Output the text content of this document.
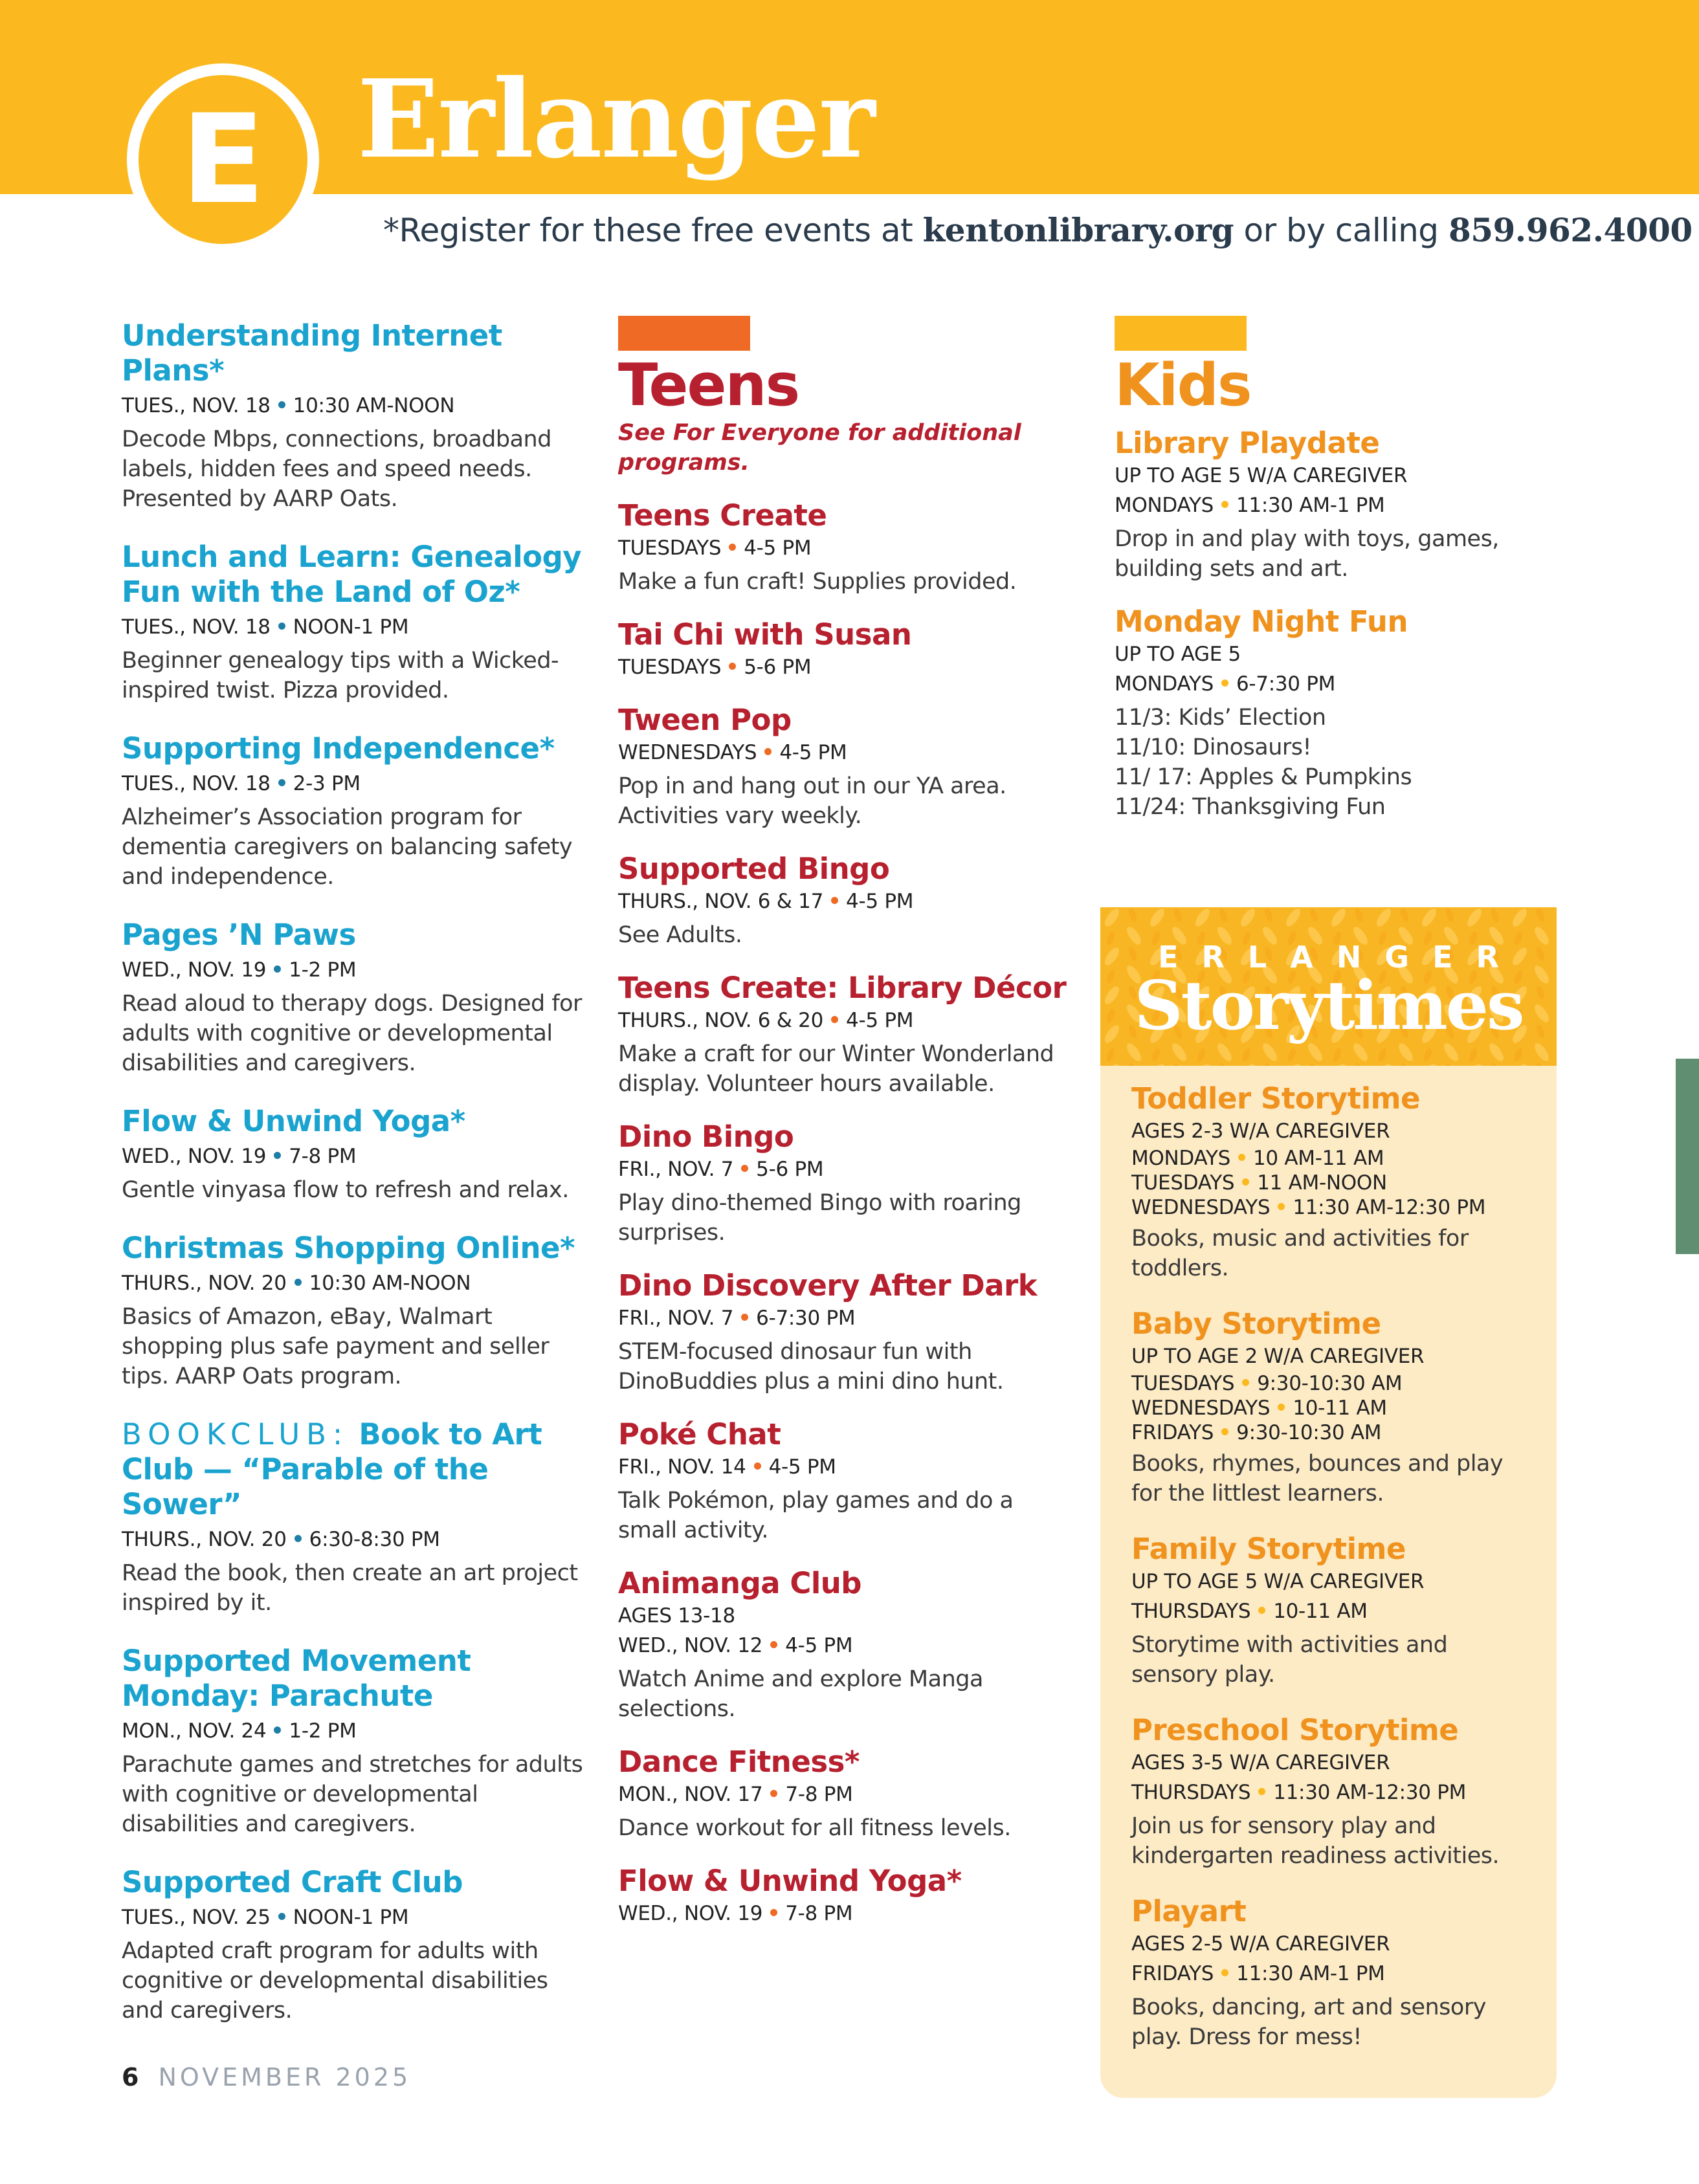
E Erlanger
*Register for these free events at kentonlibrary.org or by calling 859.962.4000

Understanding Internet Plans*

TUES., NOV. 18 10:30 AM-NOON

Decode Mbps, connections, broadband labels, hidden fees and speed needs. Presented by AARP Oats.

Lunch and Learn: Genealogy Fun with the Land of Oz*

TUES., NOV. 18 NOON-1 PM

Beginner genealogy tips with a Wicked-inspired twist. Pizza provided.

Supporting Independence*

TUES., NOV. 18 2-3 PM

Alzheimer’s Association program for dementia caregivers on balancing safety and independence.

Pages ’N Paws

WED., NOV. 19 1-2 PM

Read aloud to therapy dogs. Designed for adults with cognitive or developmental disabilities and caregivers.

Flow & Unwind Yoga*

WED., NOV. 19 7-8 PM

Gentle vinyasa flow to refresh and relax.

Christmas Shopping Online*

THURS., NOV. 20 10:30 AM-NOON

Basics of Amazon, eBay, Walmart shopping plus safe payment and seller tips. AARP Oats program.

BOOKCLUB: Book to Art Club — “Parable of the Sower”

THURS., NOV. 20 6:30-8:30 PM

Read the book, then create an art project inspired by it.

Supported Movement Monday: Parachute

MON., NOV. 24 1-2 PM

Parachute games and stretches for adults with cognitive or developmental disabilities and caregivers.

Supported Craft Club

TUES., NOV. 25 NOON-1 PM

Adapted craft program for adults with cognitive or developmental disabilities and caregivers.

Teens

See For Everyone for additional programs.

Teens Create

TUESDAYS 4-5 PM

Make a fun craft! Supplies provided.

Tai Chi with Susan

TUESDAYS 5-6 PM

Tween Pop

WEDNESDAYS 4-5 PM

Pop in and hang out in our YA area. Activities vary weekly.

Supported Bingo

THURS., NOV. 6 & 17 4-5 PM

See Adults.

Teens Create: Library Décor

THURS., NOV. 6 & 20 4-5 PM

Make a craft for our Winter Wonderland display. Volunteer hours available.

Dino Bingo

FRI., NOV. 7 5-6 PM

Play dino-themed Bingo with roaring surprises.

Dino Discovery After Dark

FRI., NOV. 7 6-7:30 PM

STEM-focused dinosaur fun with DinoBuddies plus a mini dino hunt.

Poké Chat

FRI., NOV. 14 4-5 PM

Talk Pokémon, play games and do a small activity.

Animanga Club

AGES 13-18

WED., NOV. 12 4-5 PM

Watch Anime and explore Manga selections.

Dance Fitness*

MON., NOV. 17 7-8 PM

Dance workout for all fitness levels.

Flow & Unwind Yoga*

WED., NOV. 19 7-8 PM

Kids

Library Playdate

UP TO AGE 5 W/A CAREGIVER

MONDAYS 11:30 AM-1 PM

Drop in and play with toys, games, building sets and art.

Monday Night Fun

UP TO AGE 5

MONDAYS 6-7:30 PM

11/3: Kids’ Election

11/10: Dinosaurs!

11/ 17: Apples & Pumpkins

11/24: Thanksgiving Fun

ERLANGER
Storytimes

Toddler Storytime

AGES 2-3 W/A CAREGIVER

MONDAYS 10 AM-11 AM

TUESDAYS 11 AM-NOON

WEDNESDAYS 11:30 AM-12:30 PM

Books, music and activities for toddlers.

Baby Storytime

UP TO AGE 2 W/A CAREGIVER

TUESDAYS 9:30-10:30 AM

WEDNESDAYS 10-11 AM

FRIDAYS 9:30-10:30 AM

Books, rhymes, bounces and play for the littlest learners.

Family Storytime

UP TO AGE 5 W/A CAREGIVER

THURSDAYS 10-11 AM

Storytime with activities and sensory play.

Preschool Storytime

AGES 3-5 W/A CAREGIVER

THURSDAYS 11:30 AM-12:30 PM

Join us for sensory play and kindergarten readiness activities.

Playart

AGES 2-5 W/A CAREGIVER

FRIDAYS 11:30 AM-1 PM

Books, dancing, art and sensory play. Dress for mess!

6 NOVEMBER 2025
